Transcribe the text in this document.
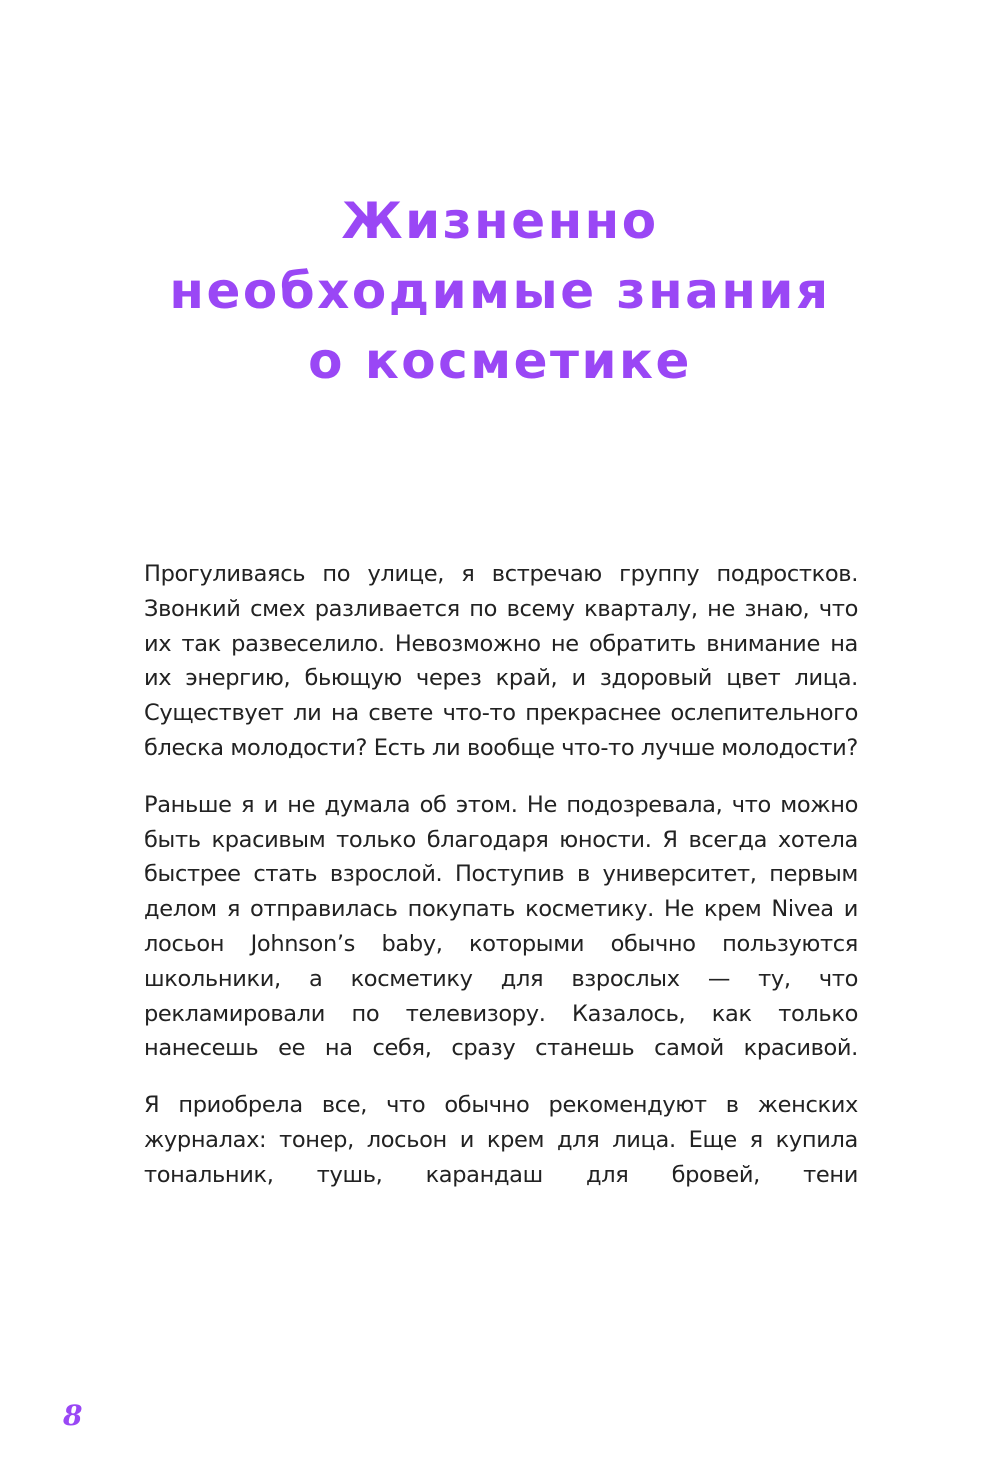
Жизненно
необходимые знания
о косметике

Прогуливаясь по улице, я встречаю группу подростков. Звонкий смех разливается по всему кварталу, не знаю, что их так развеселило. Невозможно не обратить внимание на их энергию, бьющую через край, и здоровый цвет лица. Существует ли на свете что-то прекраснее ослепительного блеска молодости? Есть ли вообще что-то лучше молодости?

Раньше я и не думала об этом. Не подозревала, что можно быть красивым только благодаря юности. Я всегда хотела быстрее стать взрослой. Поступив в университет, первым делом я отправилась покупать косметику. Не крем Nivea и лосьон Johnson’s baby, которыми обычно пользуются школьники, а косметику для взрослых — ту, что рекламировали по телевизору. Казалось, как только нанесешь ее на себя, сразу станешь самой красивой.

Я приобрела все, что обычно рекомендуют в женских журналах: тонер, лосьон и крем для лица. Еще я купила тональник, тушь, карандаш для бровей, тени

8
